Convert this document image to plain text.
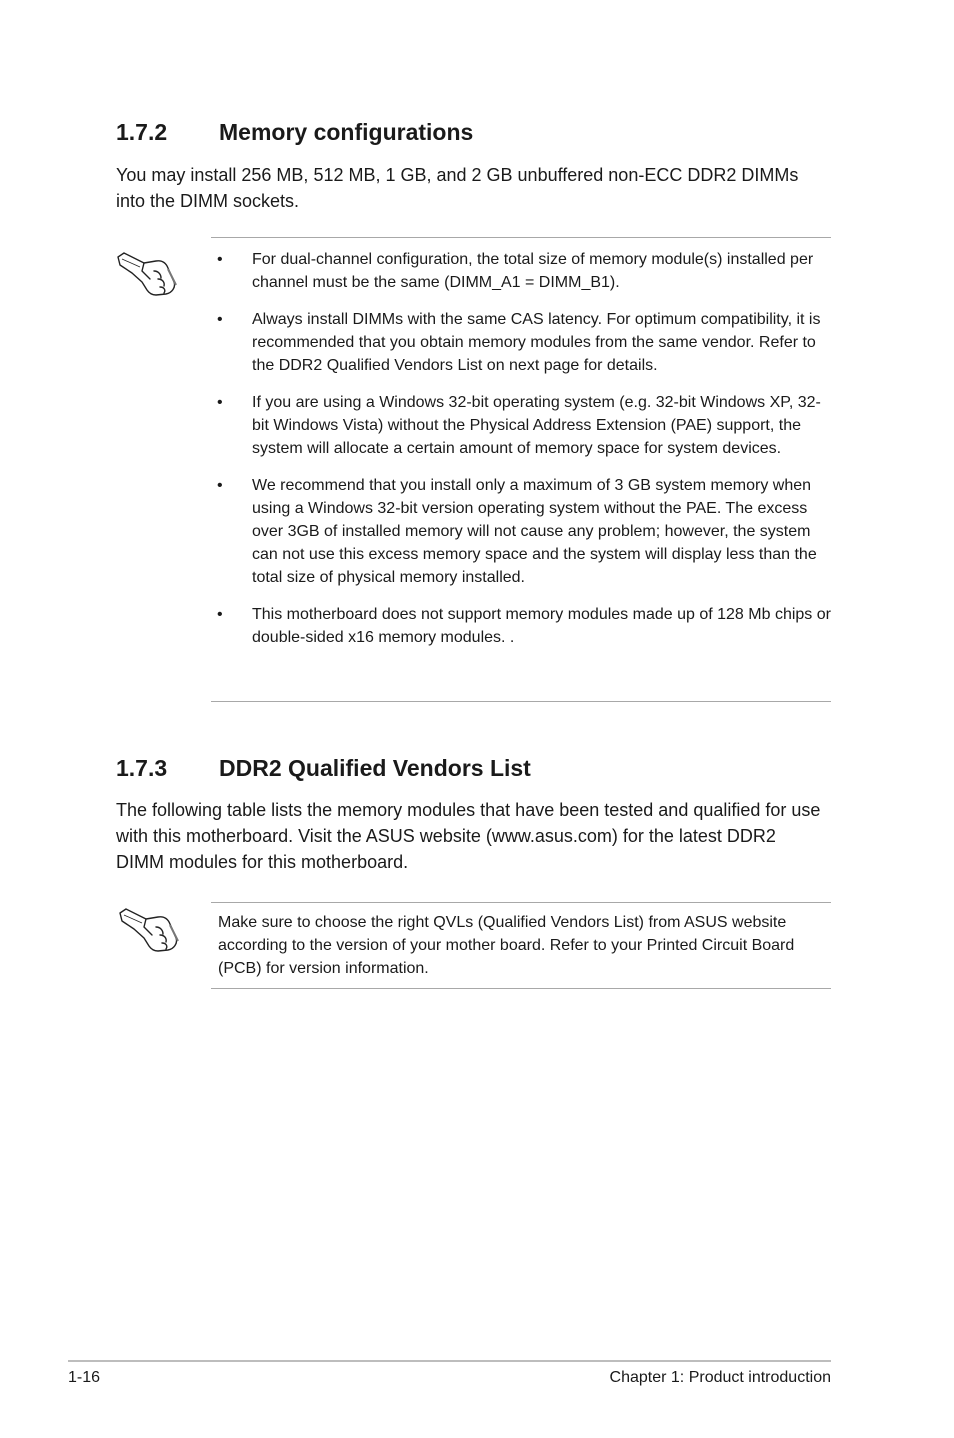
1.7.2	Memory configurations

You may install 256 MB, 512 MB, 1 GB, and 2 GB unbuffered non-ECC DDR2 DIMMs into the DIMM sockets.

• For dual-channel configuration, the total size of memory module(s) installed per channel must be the same (DIMM_A1 = DIMM_B1).
• Always install DIMMs with the same CAS latency. For optimum compatibility, it is recommended that you obtain memory modules from the same vendor. Refer to the DDR2 Qualified Vendors List on next page for details.
• If you are using a Windows 32-bit operating system (e.g. 32-bit Windows XP, 32-bit Windows Vista) without the Physical Address Extension (PAE) support, the system will allocate a certain amount of memory space for system devices.
• We recommend that you install only a maximum of 3 GB system memory when using a Windows 32-bit version operating system without the PAE. The excess over 3GB of installed memory will not cause any problem; however, the system can not use this excess memory space and the system will display less than the total size of physical memory installed.
• This motherboard does not support memory modules made up of 128 Mb chips or double-sided x16 memory modules. .
1.7.3	DDR2 Qualified Vendors List

The following table lists the memory modules that have been tested and qualified for use with this motherboard. Visit the ASUS website (www.asus.com) for the latest DDR2 DIMM modules for this motherboard.

Make sure to choose the right QVLs (Qualified Vendors List) from ASUS website according to the version of your mother board. Refer to your Printed Circuit Board (PCB) for version information.

1-16	Chapter 1: Product introduction
